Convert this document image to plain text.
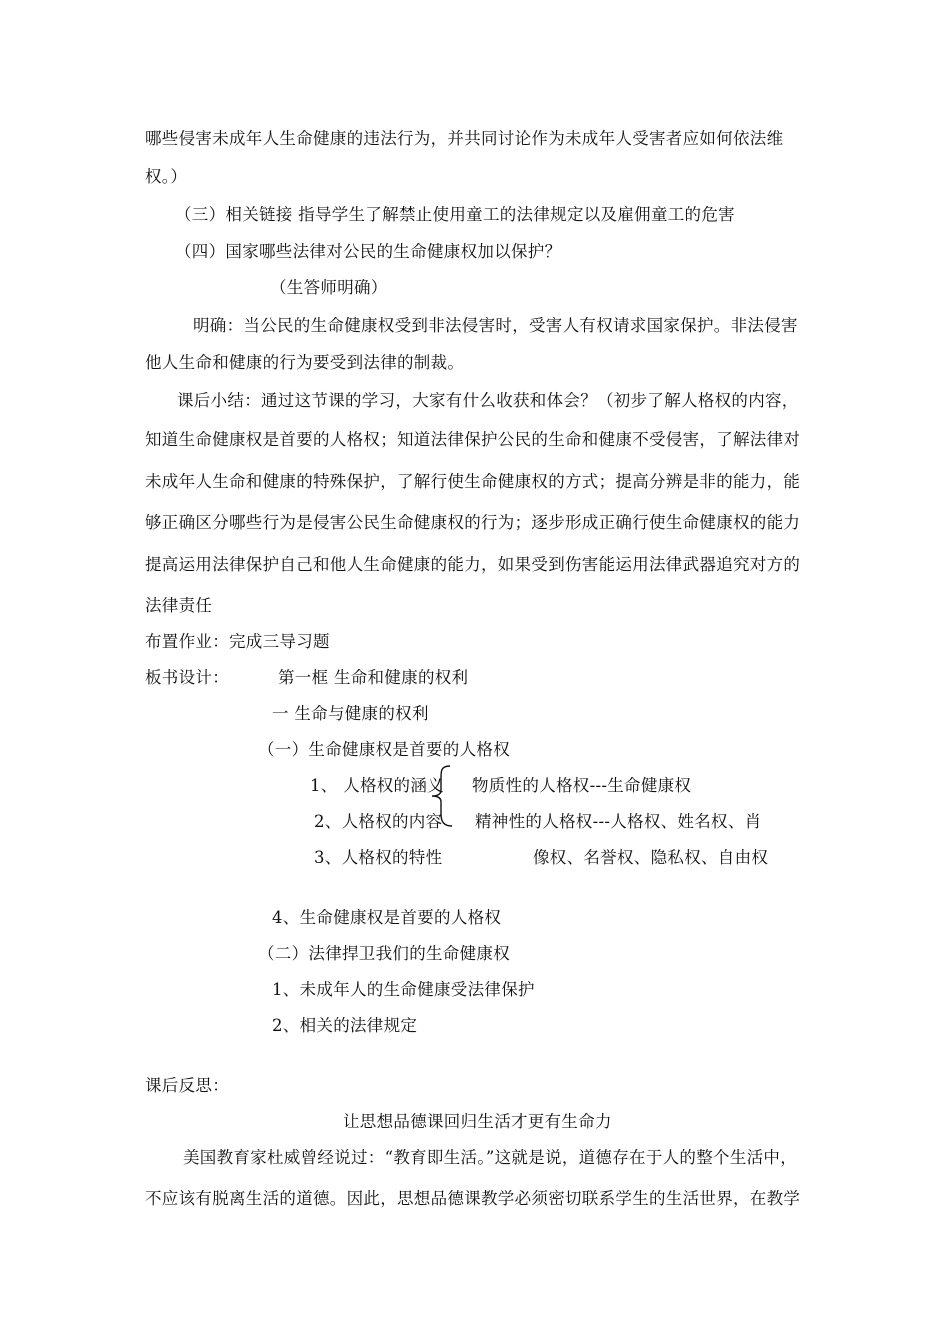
哪些侵害未成年人生命健康的违法行为，并共同讨论作为未成年人受害者应如何依法维
权。）
（三）相关链接 指导学生了解禁止使用童工的法律规定以及雇佣童工的危害
（四）国家哪些法律对公民的生命健康权加以保护？
（生答师明确）
明确：当公民的生命健康权受到非法侵害时，受害人有权请求国家保护。非法侵害
他人生命和健康的行为要受到法律的制裁。
课后小结：通过这节课的学习，大家有什么收获和体会？（初步了解人格权的内容，
知道生命健康权是首要的人格权；知道法律保护公民的生命和健康不受侵害，了解法律对
未成年人生命和健康的特殊保护，了解行使生命健康权的方式；提高分辨是非的能力，能
够正确区分哪些行为是侵害公民生命健康权的行为；逐步形成正确行使生命健康权的能力
提高运用法律保护自己和他人生命健康的能力，如果受到伤害能运用法律武器追究对方的
法律责任
布置作业：完成三导习题
板书设计：	第一框 生命和健康的权利
一 生命与健康的权利
（一）生命健康权是首要的人格权
1、 人格权的涵义
2、人格权的内容
3、人格权的特性
物质性的人格权---生命健康权
精神性的人格权---人格权、姓名权、肖
像权、名誉权、隐私权、自由权
4、生命健康权是首要的人格权
（二）法律捍卫我们的生命健康权
1、未成年人的生命健康受法律保护
2、相关的法律规定
课后反思：
让思想品德课回归生活才更有生命力
美国教育家杜威曾经说过：“教育即生活。”这就是说，道德存在于人的整个生活中，
不应该有脱离生活的道德。因此，思想品德课教学必须密切联系学生的生活世界，在教学
